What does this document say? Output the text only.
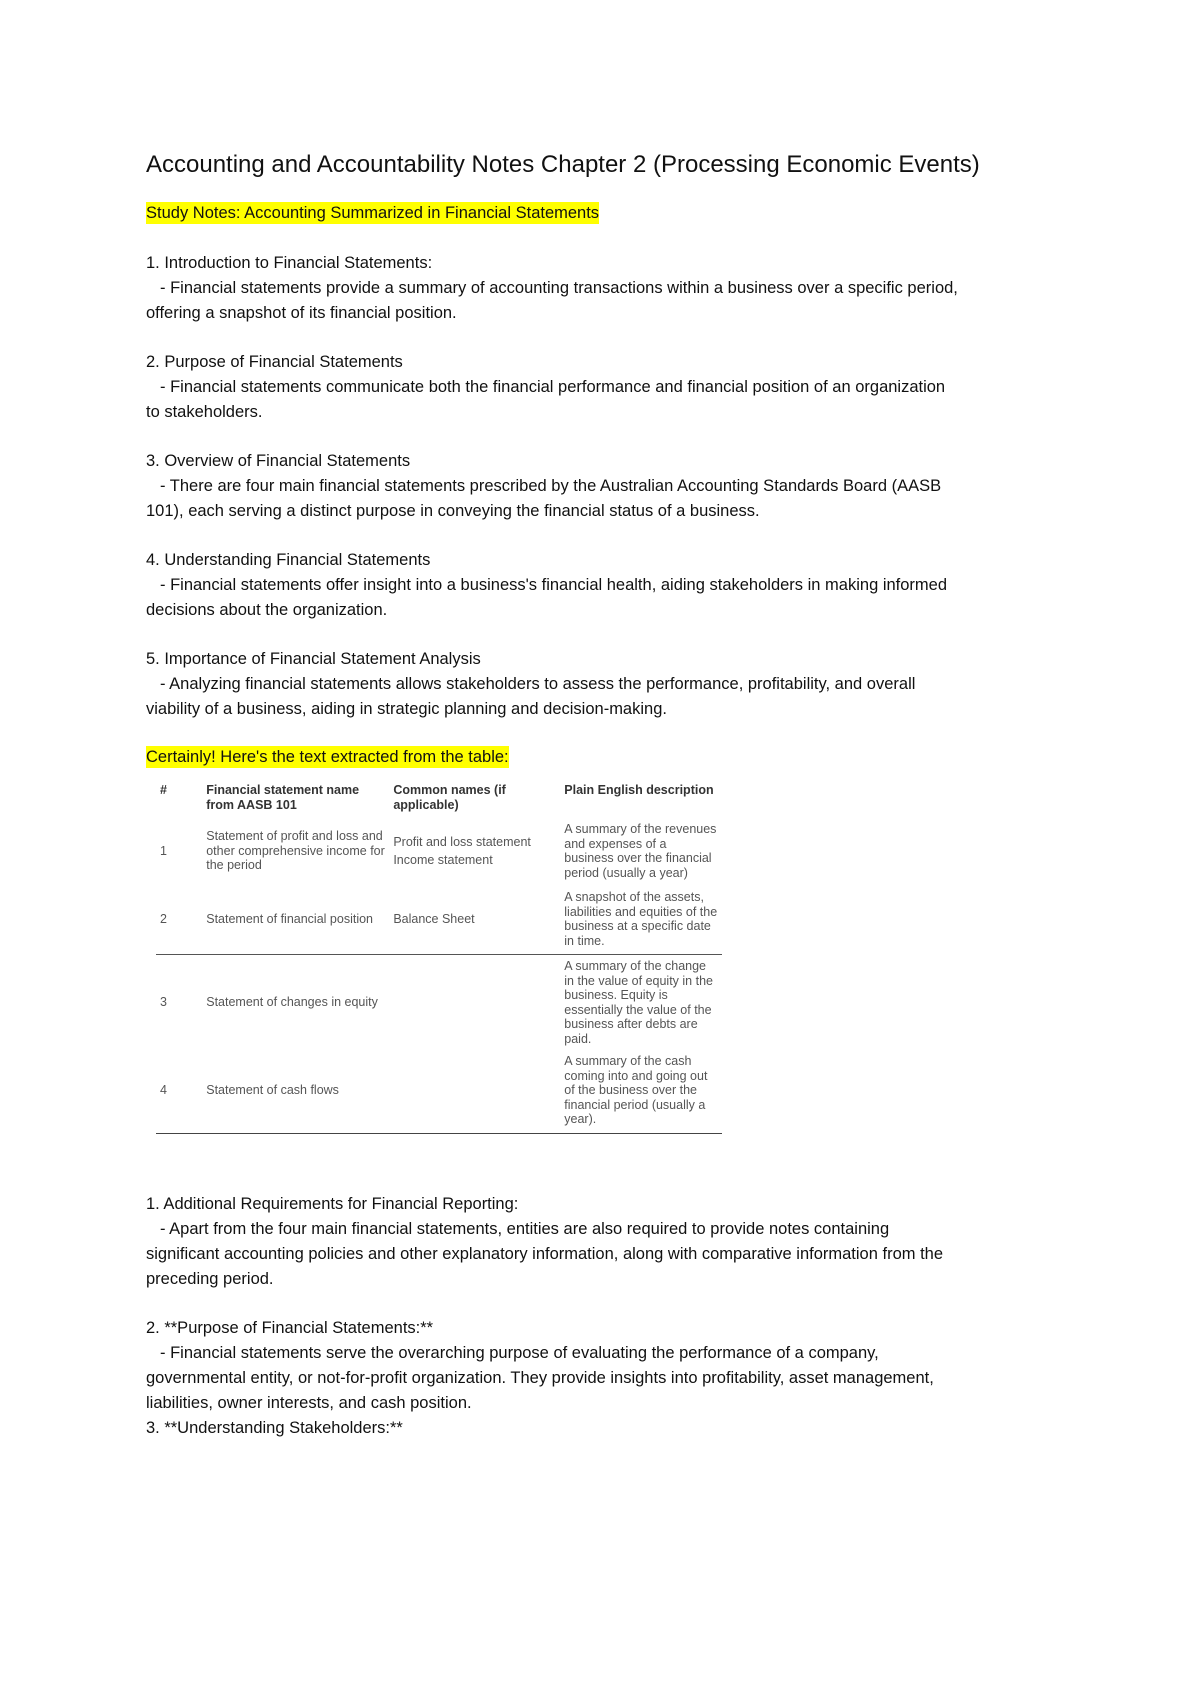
Accounting and Accountability Notes Chapter 2 (Processing Economic Events)
Study Notes: Accounting Summarized in Financial Statements

1. Introduction to Financial Statements:

- Financial statements provide a summary of accounting transactions within a business over a specific period,

offering a snapshot of its financial position.

2. Purpose of Financial Statements

- Financial statements communicate both the financial performance and financial position of an organization

to stakeholders.

3. Overview of Financial Statements

- There are four main financial statements prescribed by the Australian Accounting Standards Board (AASB

101), each serving a distinct purpose in conveying the financial status of a business.

4. Understanding Financial Statements

- Financial statements offer insight into a business's financial health, aiding stakeholders in making informed

decisions about the organization.

5. Importance of Financial Statement Analysis

- Analyzing financial statements allows stakeholders to assess the performance, profitability, and overall

viability of a business, aiding in strategic planning and decision-making.

Certainly! Here's the text extracted from the table:
#	Financial statement name from AASB 101	Common names (if applicable)	Plain English description
1	Statement of profit and loss and other comprehensive income for the period	Profit and loss statement
Income statement	A summary of the revenues and expenses of a business over the financial period (usually a year)
2	Statement of financial position	Balance Sheet	A snapshot of the assets, liabilities and equities of the business at a specific date in time.
3	Statement of changes in equity		A summary of the change in the value of equity in the business. Equity is essentially the value of the business after debts are paid.
4	Statement of cash flows		A summary of the cash coming into and going out of the business over the financial period (usually a year).

1. Additional Requirements for Financial Reporting:

- Apart from the four main financial statements, entities are also required to provide notes containing

significant accounting policies and other explanatory information, along with comparative information from the

preceding period.

2. **Purpose of Financial Statements:**

- Financial statements serve the overarching purpose of evaluating the performance of a company,

governmental entity, or not-for-profit organization. They provide insights into profitability, asset management,

liabilities, owner interests, and cash position.

3. **Understanding Stakeholders:**
